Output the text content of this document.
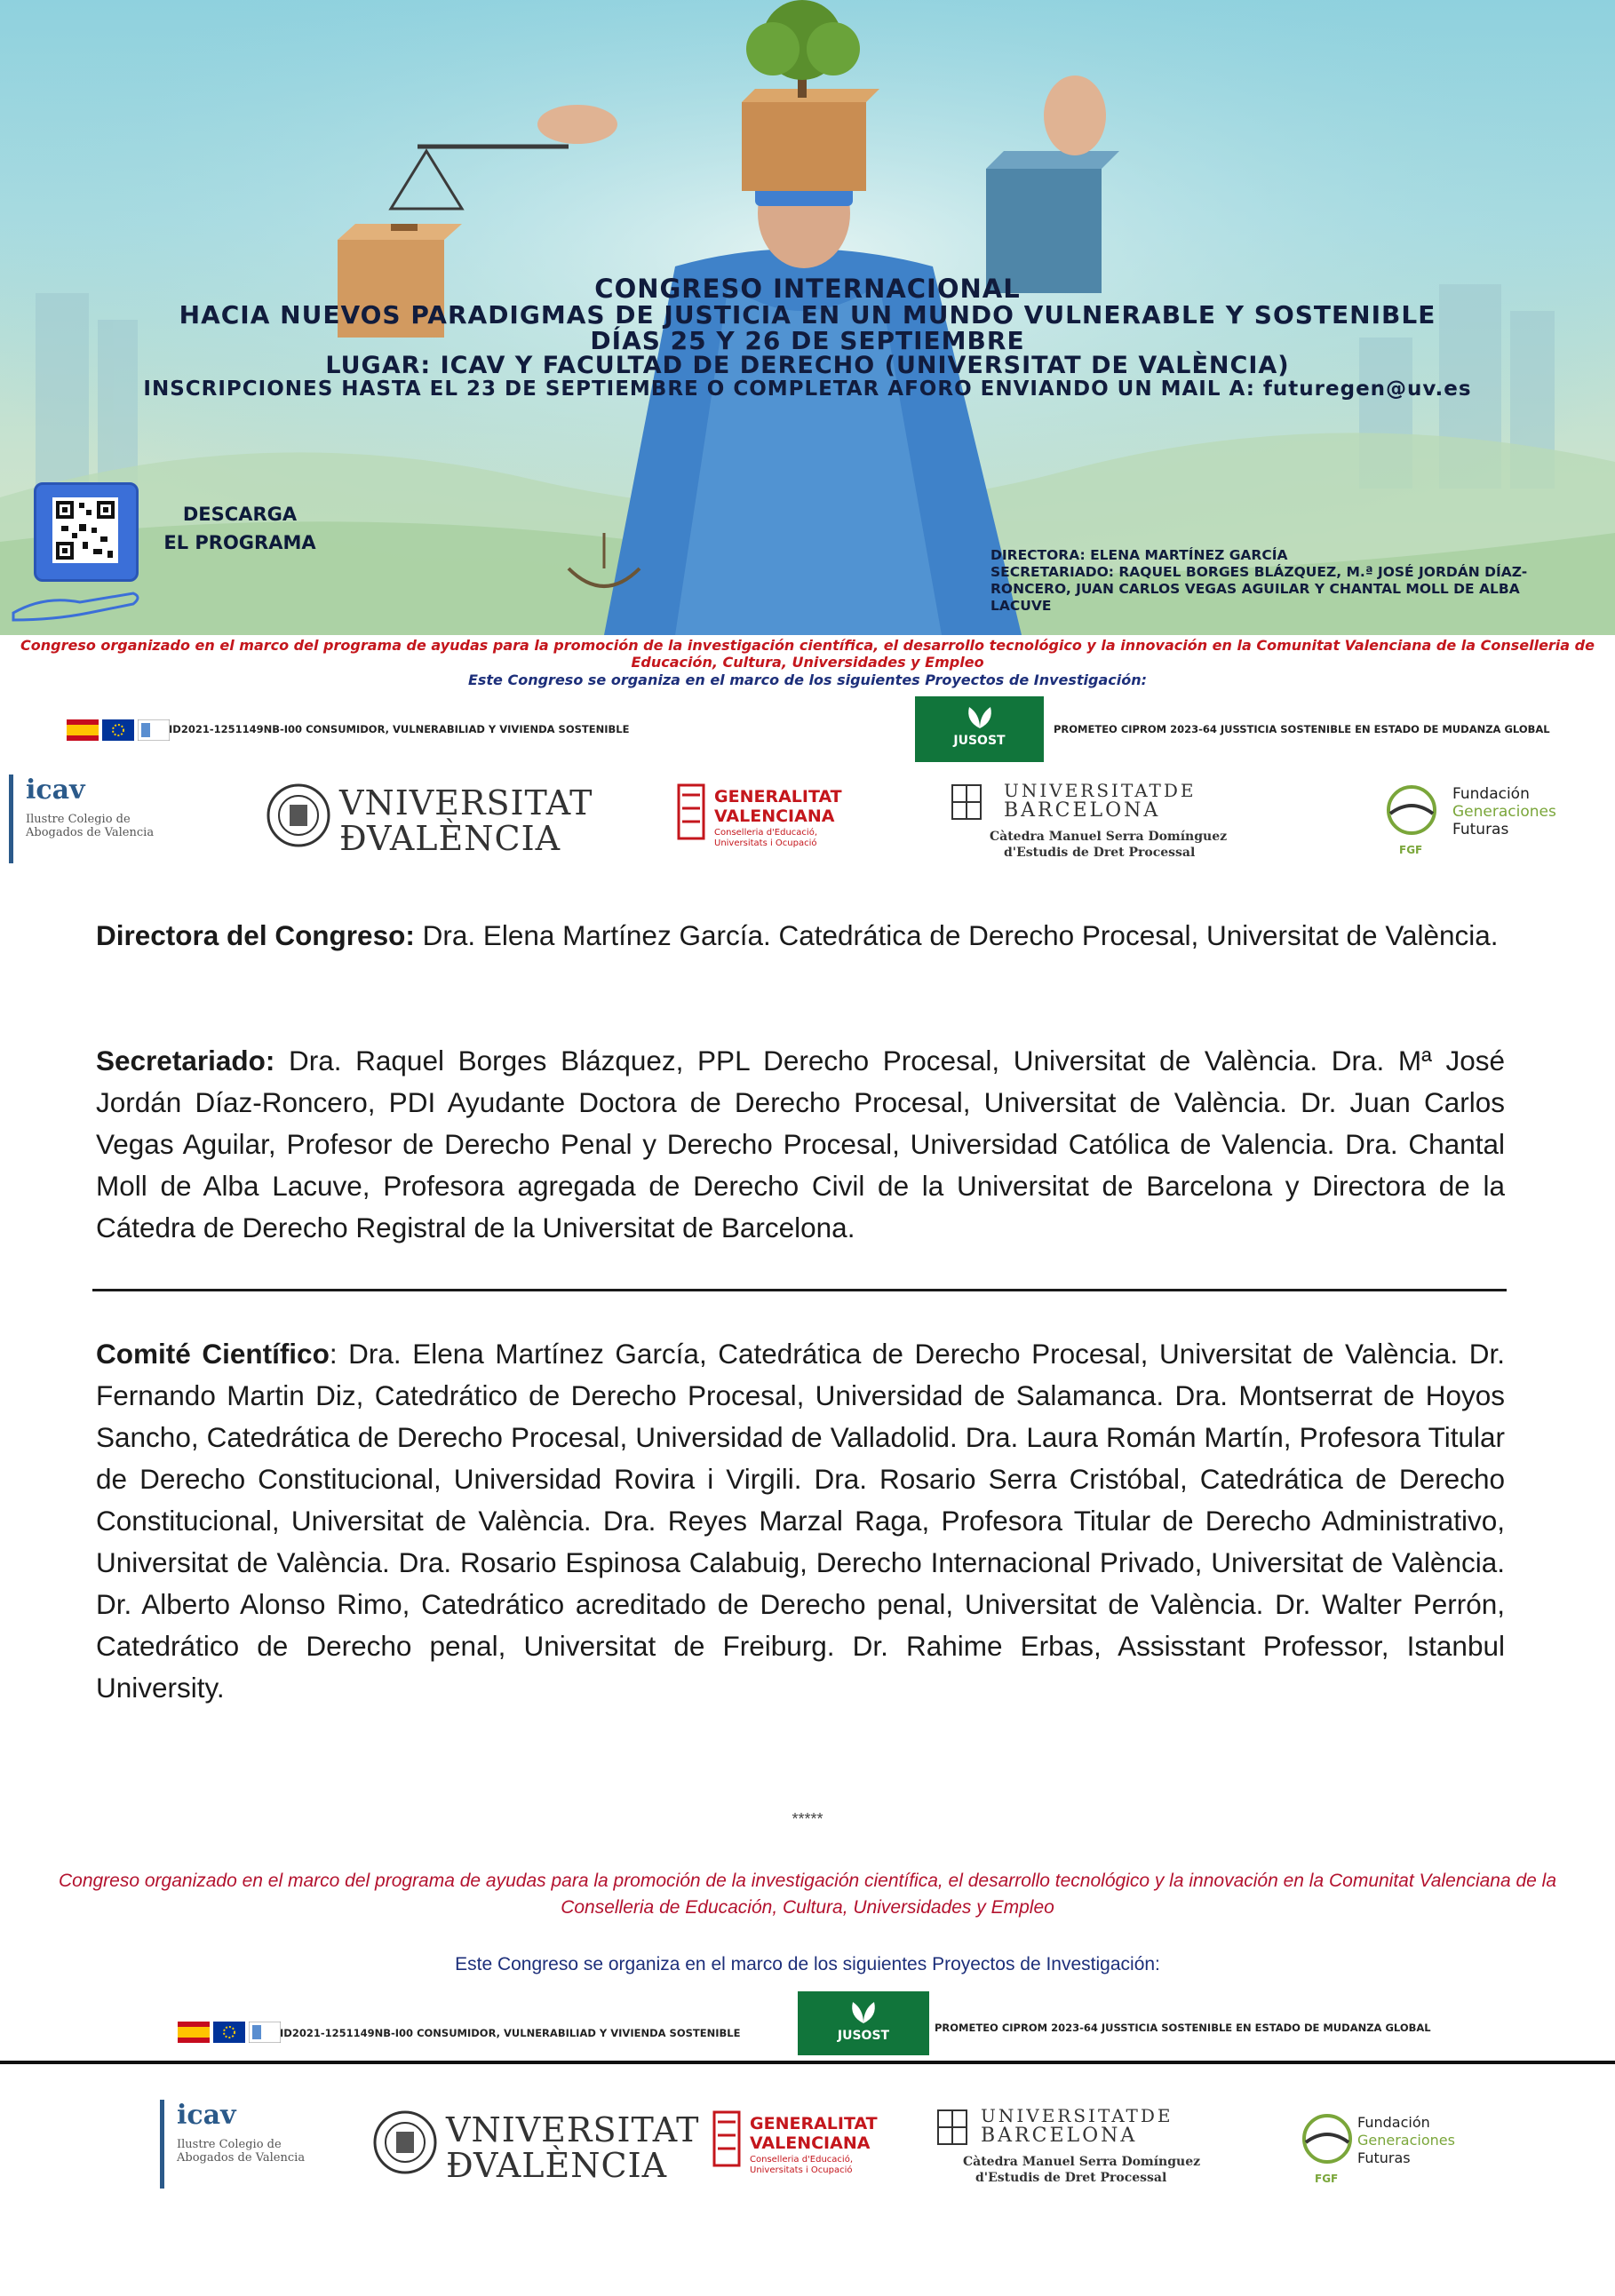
CONGRESO INTERNACIONAL
HACIA NUEVOS PARADIGMAS DE JUSTICIA EN UN MUNDO VULNERABLE Y SOSTENIBLE
DÍAS 25 Y 26 DE SEPTIEMBRE
LUGAR: ICAV Y FACULTAD DE DERECHO (UNIVERSITAT DE VALÈNCIA)
INSCRIPCIONES HASTA EL 23 DE SEPTIEMBRE O COMPLETAR AFORO ENVIANDO UN MAIL A: futuregen@uv.es
DESCARGA
EL PROGRAMA
DIRECTORA: ELENA MARTÍNEZ GARCÍA
SECRETARIADO: RAQUEL BORGES BLÁZQUEZ, M.ª JOSÉ JORDÁN DÍAZ-RONCERO, JUAN CARLOS VEGAS AGUILAR Y CHANTAL MOLL DE ALBA LACUVE

Congreso organizado en el marco del programa de ayudas para la promoción de la investigación científica, el desarrollo tecnológico y la innovación en la Comunitat Valenciana de la Conselleria de Educación, Cultura, Universidades y Empleo

Este Congreso se organiza en el marco de los siguientes Proyectos de Investigación:

ID2021-1251149NB-I00 CONSUMIDOR, VULNERABILIAD Y VIVIENDA SOSTENIBLE
JUSOST
PROMETEO CIPROM 2023-64 JUSSTICIA SOSTENIBLE EN ESTADO DE MUDANZA GLOBAL
icav
Ilustre Colegio de
Abogados de Valencia
VNIVERSITAT
ÐVALÈNCIA
GENERALITAT
VALENCIANA
Conselleria d'Educació,
Universitats i Ocupació
UNIVERSITATDE
BARCELONA
Càtedra Manuel Serra Domínguez
d'Estudis de Dret Processal
Fundación
Generaciones
Futuras
FGF

Directora del Congreso: Dra. Elena Martínez García. Catedrática de Derecho Procesal, Universitat de València.

Secretariado: Dra. Raquel Borges Blázquez, PPL Derecho Procesal, Universitat de València. Dra. Mª José Jordán Díaz-Roncero, PDI Ayudante Doctora de Derecho Procesal, Universitat de València. Dr. Juan Carlos Vegas Aguilar, Profesor de Derecho Penal y Derecho Procesal, Universidad Católica de Valencia. Dra. Chantal Moll de Alba Lacuve, Profesora agregada de Derecho Civil de la Universitat de Barcelona y Directora de la Cátedra de Derecho Registral de la Universitat de Barcelona.

Comité Científico: Dra. Elena Martínez García, Catedrática de Derecho Procesal, Universitat de València. Dr. Fernando Martin Diz, Catedrático de Derecho Procesal, Universidad de Salamanca. Dra. Montserrat de Hoyos Sancho, Catedrática de Derecho Procesal, Universidad de Valladolid. Dra. Laura Román Martín, Profesora Titular de Derecho Constitucional, Universidad Rovira i Virgili. Dra. Rosario Serra Cristóbal, Catedrática de Derecho Constitucional, Universitat de València. Dra. Reyes Marzal Raga, Profesora Titular de Derecho Administrativo, Universitat de València. Dra. Rosario Espinosa Calabuig, Derecho Internacional Privado, Universitat de València. Dr. Alberto Alonso Rimo, Catedrático acreditado de Derecho penal, Universitat de València. Dr. Walter Perrón, Catedrático de Derecho penal, Universitat de Freiburg. Dr. Rahime Erbas, Assisstant Professor, Istanbul University.

*****

Congreso organizado en el marco del programa de ayudas para la promoción de la investigación científica, el desarrollo tecnológico y la innovación en la Comunitat Valenciana de la Conselleria de Educación, Cultura, Universidades y Empleo

Este Congreso se organiza en el marco de los siguientes Proyectos de Investigación:

ID2021-1251149NB-I00 CONSUMIDOR, VULNERABILIAD Y VIVIENDA SOSTENIBLE	JUSOST
PROMETEO CIPROM 2023-64 JUSSTICIA SOSTENIBLE EN ESTADO DE MUDANZA GLOBAL
icav
Ilustre Colegio de
Abogados de Valencia
VNIVERSITAT
ÐVALÈNCIA
GENERALITAT
VALENCIANA
Conselleria d'Educació,
Universitats i Ocupació
UNIVERSITATDE
BARCELONA
Càtedra Manuel Serra Domínguez
d'Estudis de Dret Processal
Fundación
Generaciones
Futuras
FGF
